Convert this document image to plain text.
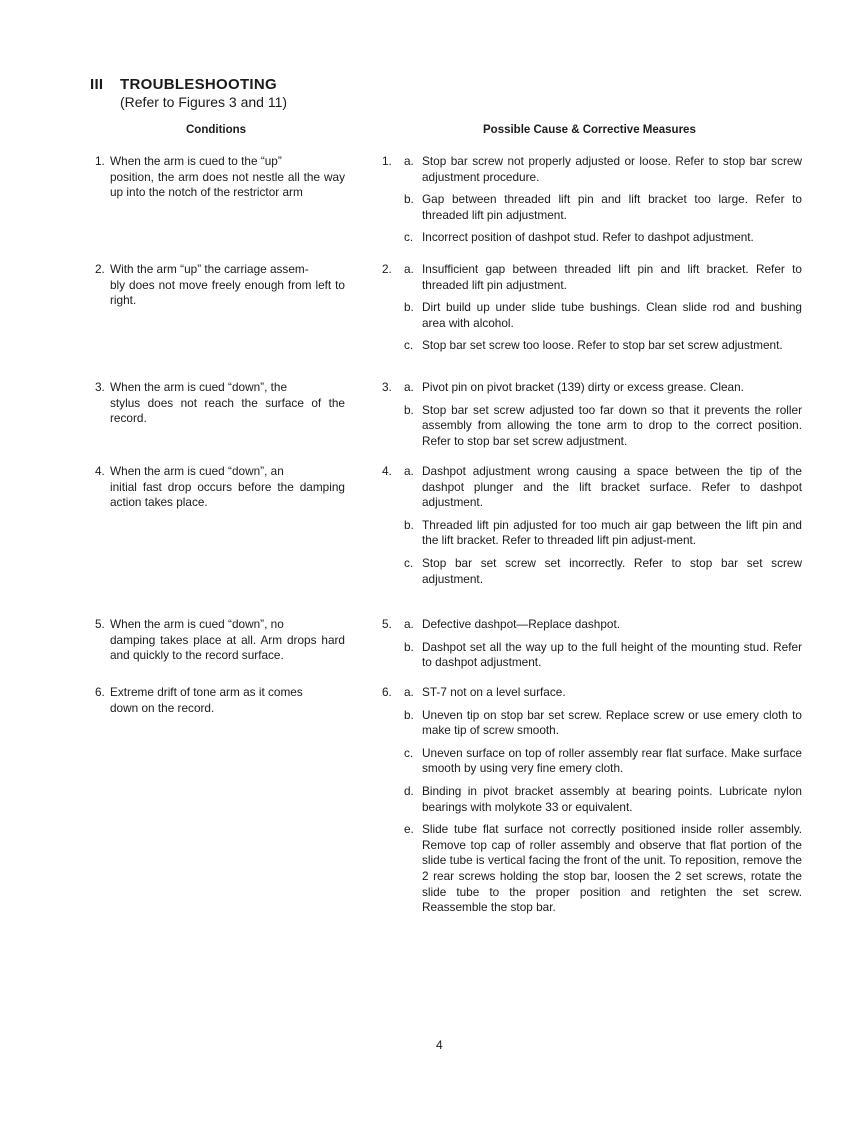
III	TROUBLESHOOTING
(Refer to Figures 3 and 11)
Conditions	Possible Cause & Corrective Measures
1. When the arm is cued to the “up”
position, the arm does not nestle all the way up into the notch of the restrictor arm
1.	a. Stop bar screw not properly adjusted or loose. Refer to stop bar screw adjustment procedure.
b. Gap between threaded lift pin and lift bracket too large. Refer to threaded lift pin adjustment.
c. Incorrect position of dashpot stud. Refer to dashpot adjustment.
2. With the arm “up” the carriage assem-
bly does not move freely enough from left to right.
2.	a. Insufficient gap between threaded lift pin and lift bracket. Refer to threaded lift pin adjustment.
b. Dirt build up under slide tube bushings. Clean slide rod and bushing area with alcohol.
c. Stop bar set screw too loose. Refer to stop bar set screw adjustment.
3. When the arm is cued “down”, the
stylus does not reach the surface of the record.
3.	a. Pivot pin on pivot bracket (139) dirty or excess grease. Clean.
b. Stop bar set screw adjusted too far down so that it prevents the roller assembly from allowing the tone arm to drop to the correct position. Refer to stop bar set screw adjustment.
4. When the arm is cued “down”, an
initial fast drop occurs before the damping action takes place.
4.	a. Dashpot adjustment wrong causing a space between the tip of the dashpot plunger and the lift bracket surface. Refer to dashpot adjustment.
b. Threaded lift pin adjusted for too much air gap between the lift pin and the lift bracket. Refer to threaded lift pin adjust-ment.
c. Stop bar set screw set incorrectly. Refer to stop bar set screw adjustment.
5. When the arm is cued “down”, no
damping takes place at all. Arm drops hard and quickly to the record surface.
5.	a. Defective dashpot—Replace dashpot.
b. Dashpot set all the way up to the full height of the mounting stud. Refer to dashpot adjustment.
6. Extreme drift of tone arm as it comes
down on the record.
6.	a. ST-7 not on a level surface.
b. Uneven tip on stop bar set screw. Replace screw or use emery cloth to make tip of screw smooth.
c. Uneven surface on top of roller assembly rear flat surface. Make surface smooth by using very fine emery cloth.
d. Binding in pivot bracket assembly at bearing points. Lubricate nylon bearings with molykote 33 or equivalent.
e. Slide tube flat surface not correctly positioned inside roller assembly. Remove top cap of roller assembly and observe that flat portion of the slide tube is vertical facing the front of the unit. To reposition, remove the 2 rear screws holding the stop bar, loosen the 2 set screws, rotate the slide tube to the proper position and retighten the set screw. Reassemble the stop bar.
4
